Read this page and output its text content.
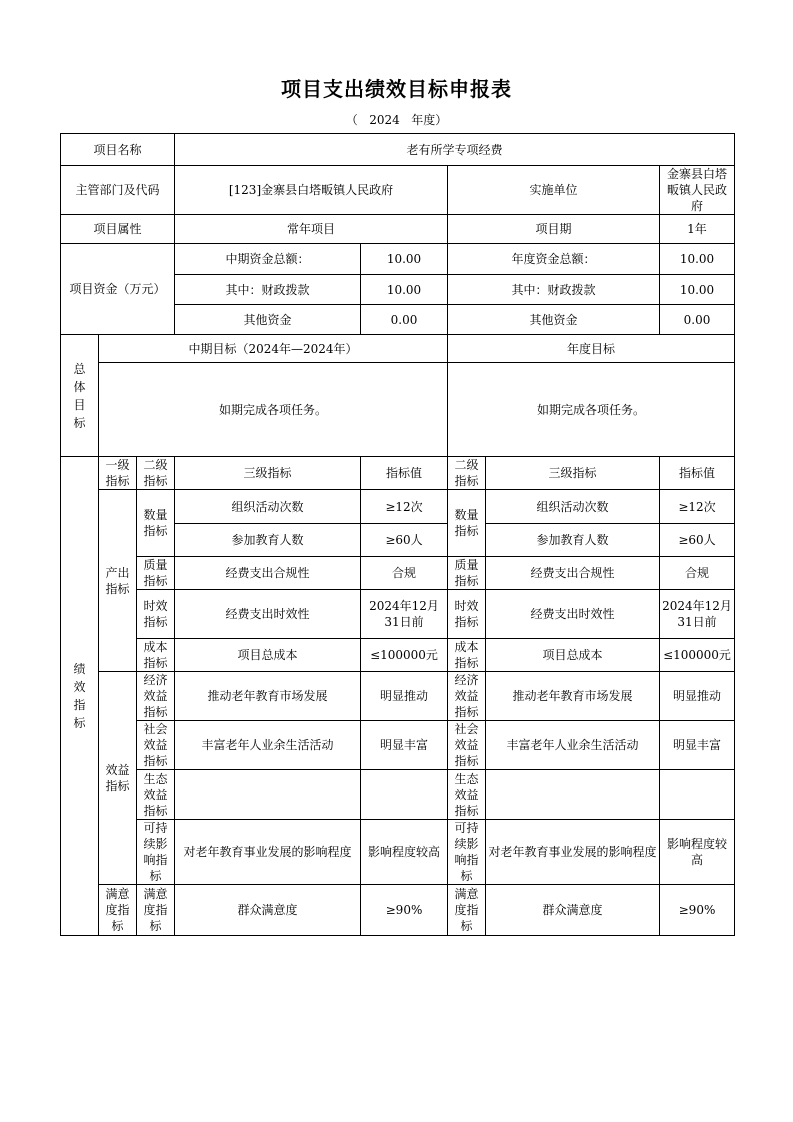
项目支出绩效目标申报表
（ 2024 年度）
项目名称			老有所学专项经费				
主管部门及代码			[123]金寨县白塔畈镇人民政府		实施单位		金寨县白塔畈镇人民政府
项目属性			常年项目		项目期		1年
项目资金（万元）			中期资金总额：	10.00	年度资金总额：		10.00
			其中：财政拨款	10.00	其中：财政拨款		10.00
			其他资金	0.00	其他资金		0.00
总体目标	中期目标（2024年—2024年）				年度目标		
	如期完成各项任务。				如期完成各项任务。		
绩效指标	一级指标	二级指标	三级指标	指标值	二级指标	三级指标	指标值
	产出指标	数量指标	组织活动次数	≥12次	数量指标	组织活动次数	≥12次
			参加教育人数	≥60人		参加教育人数	≥60人
		质量指标	经费支出合规性	合规	质量指标	经费支出合规性	合规
		时效指标	经费支出时效性	2024年12月31日前	时效指标	经费支出时效性	2024年12月31日前
		成本指标	项目总成本	≤100000元	成本指标	项目总成本	≤100000元
	效益指标	经济效益指标	推动老年教育市场发展	明显推动	经济效益指标	推动老年教育市场发展	明显推动
		社会效益指标	丰富老年人业余生活活动	明显丰富	社会效益指标	丰富老年人业余生活活动	明显丰富
		生态效益指标			生态效益指标		
		可持续影响指标	对老年教育事业发展的影响程度	影响程度较高	可持续影响指标	对老年教育事业发展的影响程度	影响程度较高
	满意度指标	满意度指标	群众满意度	≥90%	满意度指标	群众满意度	≥90%
